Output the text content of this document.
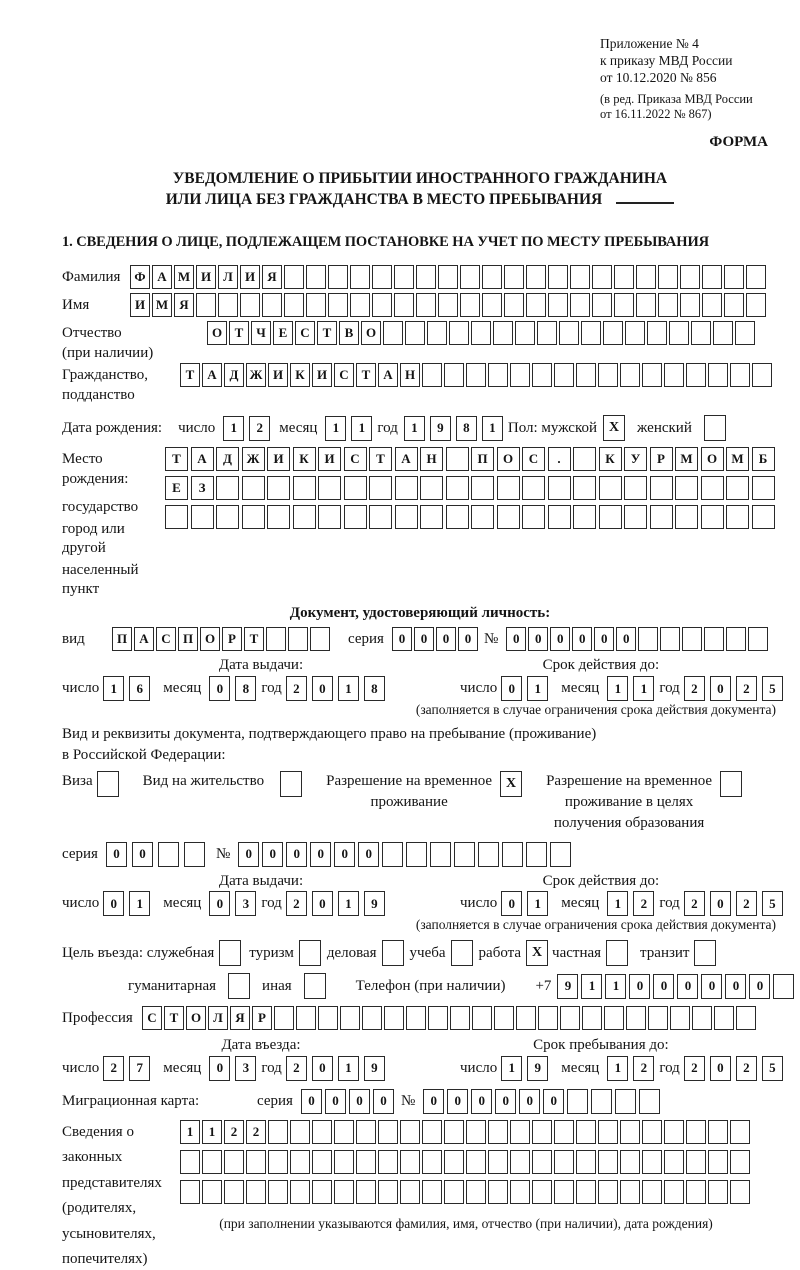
Приложение № 4
к приказу МВД России
от 10.12.2020 № 856
(в ред. Приказа МВД России
от 16.11.2022 № 867)
ФОРМА
УВЕДОМЛЕНИЕ О ПРИБЫТИИ ИНОСТРАННОГО ГРАЖДАНИНА
ИЛИ ЛИЦА БЕЗ ГРАЖДАНСТВА В МЕСТО ПРЕБЫВАНИЯ
1. СВЕДЕНИЯ О ЛИЦЕ, ПОДЛЕЖАЩЕМ ПОСТАНОВКЕ НА УЧЕТ ПО МЕСТУ ПРЕБЫВАНИЯ
Фамилия	Ф А М И Л И Я
Имя	И М Я
Отчество
(при наличии)
О Т Ч Е С Т	В О
Гражданство,
подданство
Т А Д Ж И К И С Т А Н
Дата рождения: число	1	2	месяц	1	1 год	1	9	8	1 Пол: мужской X	женский
Место рождения:
государство
город или другой
населенный пункт
Т	А	Д	Ж	И	К	И	С	Т	А	Н	П	О	С	.	К	У	Р	М	О	М	Б
Е	З
Документ, удостоверяющий личность:
вид	П А С П О Р	Т	серия	0	0	0	0 №	0	0	0	0	0	0
Дата выдачи:
число 1	6	месяц	0	8 год 2	0	1	8
Срок действия до:
число 0	1	месяц	1	1 год 2	0	2	5
(заполняется в случае ограничения срока действия документа)
Вид и реквизиты документа, подтверждающего право на пребывание (проживание)
в Российской Федерации:
Виза	Вид на жительство	Разрешение на временное
проживание
X	Разрешение на временное
проживание в целях
получения образования
серия	0	0	№	0	0	0	0	0	0
Дата выдачи:
число 0	1	месяц	0	3 год 2	0	1	9
Срок действия до:
число 0	1	месяц	1	2 год 2	0	2	5
(заполняется в случае ограничения срока действия документа)
Цель въезда: служебная туризм деловая учеба работа X частная	транзит
гуманитарная	иная	Телефон (при наличии) +7	9	1	1	0	0	0	0	0	0
Профессия	С Т О Л Я	Р
Дата въезда:
число 2	7	месяц	0	3 год 2	0	1	9
Срок пребывания до:
число 1	9	месяц	1	2 год 2	0	2	5
Миграционная карта:	серия	0	0	0	0 №	0	0	0	0	0	0
Сведения о
законных
представителях
(родителях,
усыновителях,
попечителях)
1	1	2	2
(при заполнении указываются фамилия, имя, отчество (при наличии), дата рождения)
